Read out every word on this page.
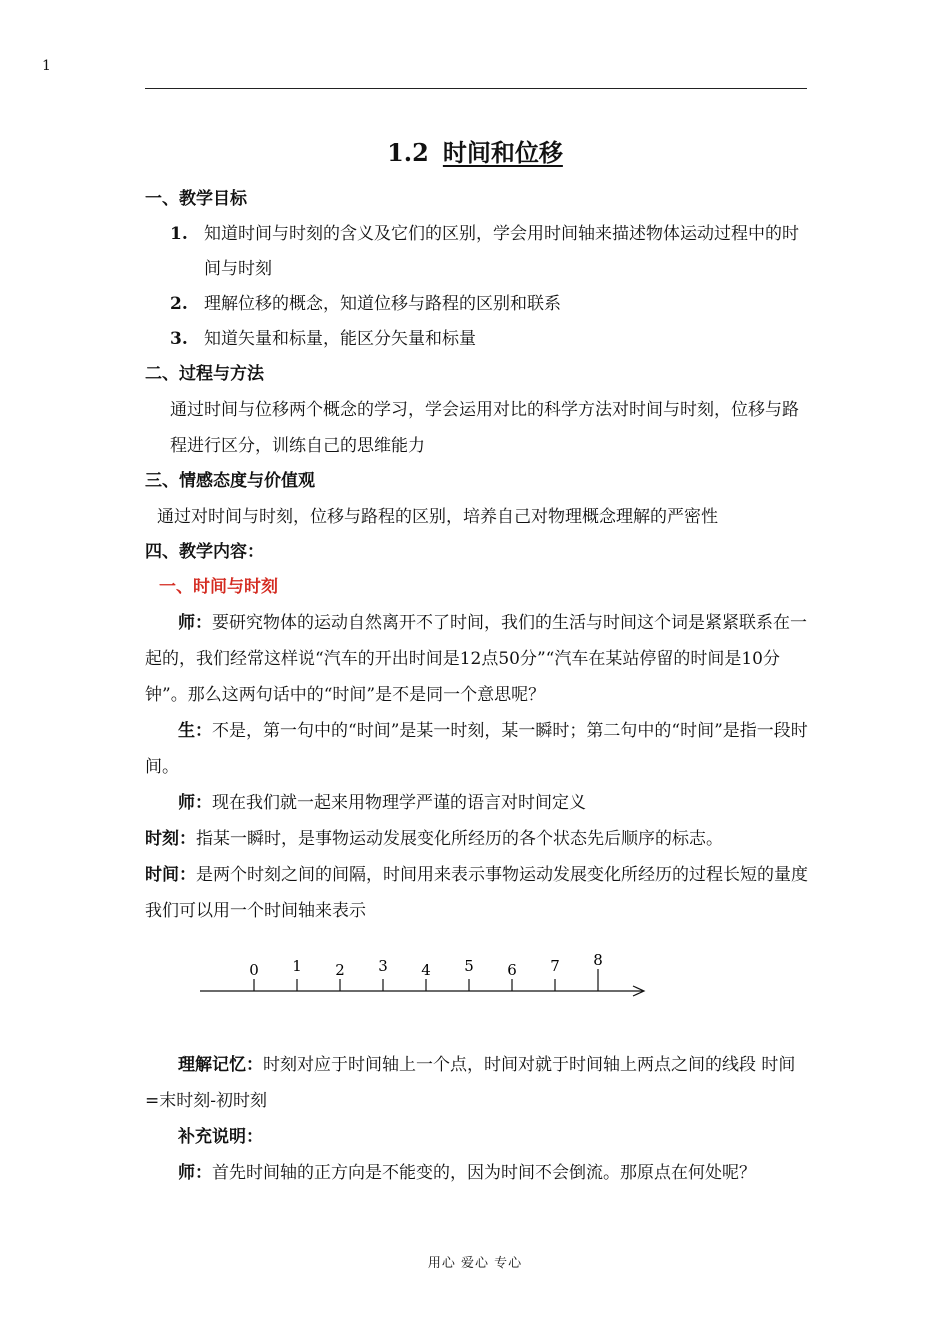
1
1.2 时间和位移
一、教学目标
1. 知道时间与时刻的含义及它们的区别，学会用时间轴来描述物体运动过程中的时间与时刻
2. 理解位移的概念，知道位移与路程的区别和联系
3. 知道矢量和标量，能区分矢量和标量
二、过程与方法
通过时间与位移两个概念的学习，学会运用对比的科学方法对时间与时刻，位移与路程进行区分，训练自己的思维能力
三、情感态度与价值观
通过对时间与时刻，位移与路程的区别，培养自己对物理概念理解的严密性
四、教学内容：
一、时间与时刻
师：要研究物体的运动自然离开不了时间，我们的生活与时间这个词是紧紧联系在一起的，我们经常这样说“汽车的开出时间是12点50分”“汽车在某站停留的时间是10分钟”。那么这两句话中的“时间”是不是同一个意思呢？
生：不是，第一句中的“时间”是某一时刻，某一瞬时；第二句中的“时间”是指一段时间。
师：现在我们就一起来用物理学严谨的语言对时间定义
时刻：指某一瞬时，是事物运动发展变化所经历的各个状态先后顺序的标志。
时间：是两个时刻之间的间隔，时间用来表示事物运动发展变化所经历的过程长短的量度
我们可以用一个时间轴来表示
0 1 2 3 4 5 6 7 8
理解记忆：时刻对应于时间轴上一个点，时间对就于时间轴上两点之间的线段 时间=末时刻-初时刻
补充说明：
师：首先时间轴的正方向是不能变的，因为时间不会倒流。那原点在何处呢？
用心 爱心 专心
